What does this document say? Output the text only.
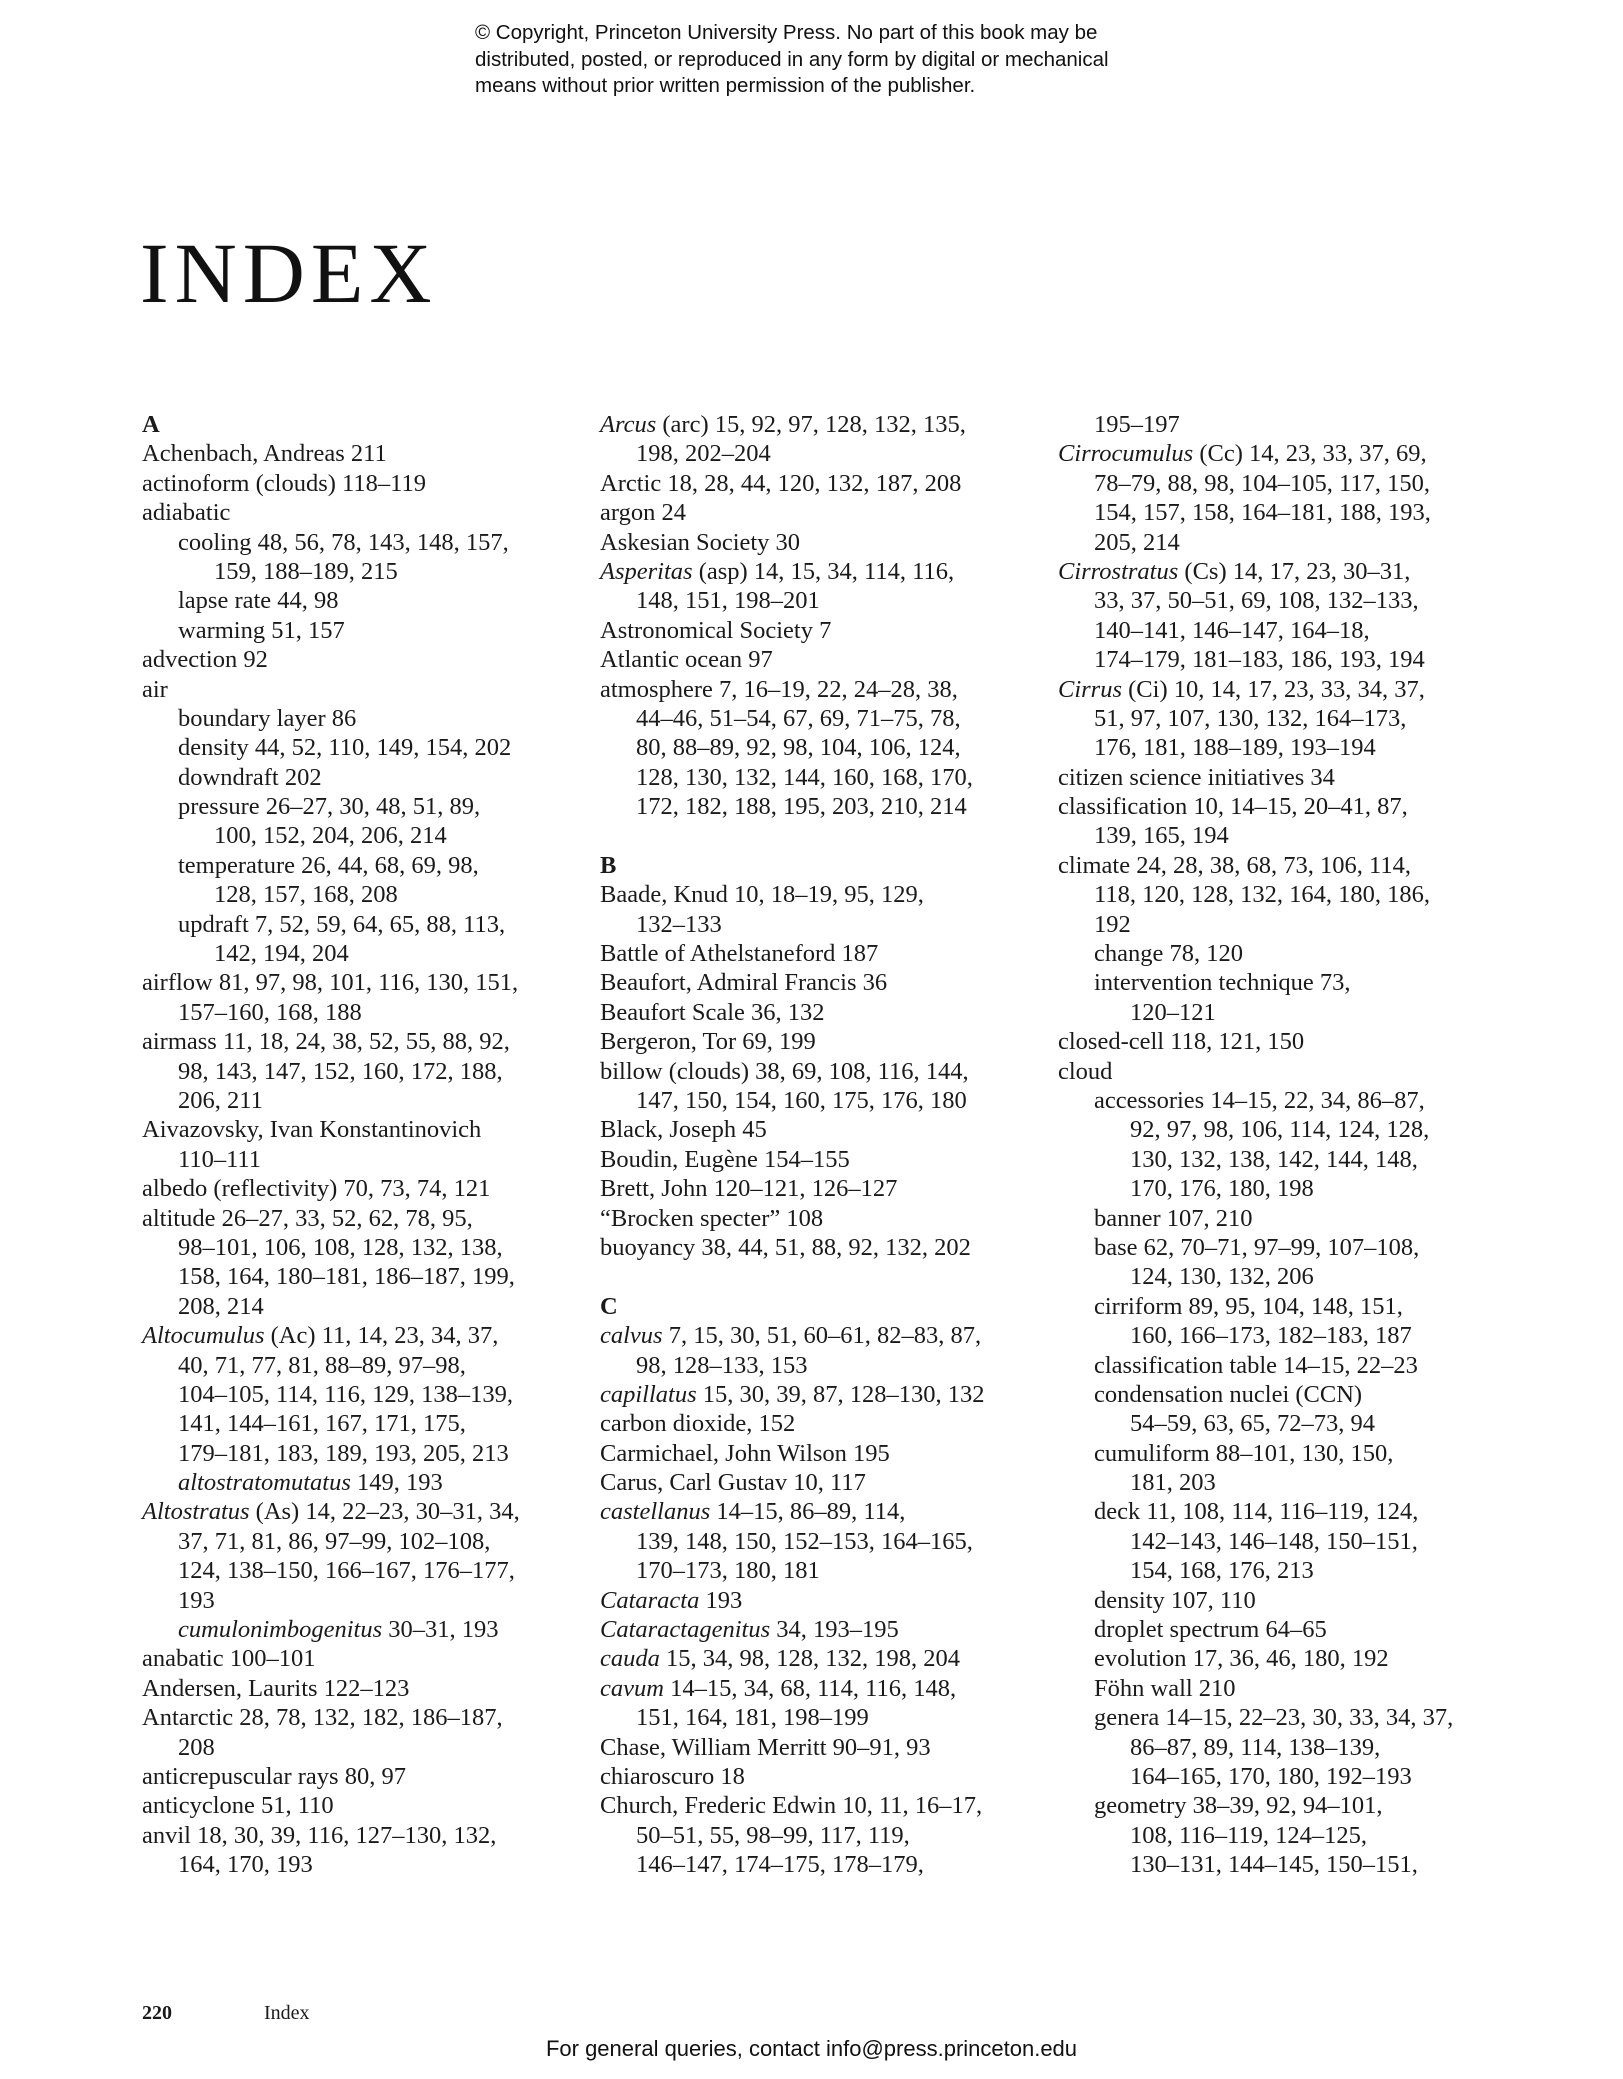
© Copyright, Princeton University Press. No part of this book may be
distributed, posted, or reproduced in any form by digital or mechanical
means without prior written permission of the publisher.
INDEX
A
Achenbach, Andreas 211
actinoform (clouds) 118–119
adiabatic
cooling 48, 56, 78, 143, 148, 157,
159, 188–189, 215
lapse rate 44, 98
warming 51, 157
advection 92
air
boundary layer 86
density 44, 52, 110, 149, 154, 202
downdraft 202
pressure 26–27, 30, 48, 51, 89,
100, 152, 204, 206, 214
temperature 26, 44, 68, 69, 98,
128, 157, 168, 208
updraft 7, 52, 59, 64, 65, 88, 113,
142, 194, 204
airflow 81, 97, 98, 101, 116, 130, 151,
157–160, 168, 188
airmass 11, 18, 24, 38, 52, 55, 88, 92,
98, 143, 147, 152, 160, 172, 188,
206, 211
Aivazovsky, Ivan Konstantinovich
110–111
albedo (reflectivity) 70, 73, 74, 121
altitude 26–27, 33, 52, 62, 78, 95,
98–101, 106, 108, 128, 132, 138,
158, 164, 180–181, 186–187, 199,
208, 214
Altocumulus (Ac) 11, 14, 23, 34, 37,
40, 71, 77, 81, 88–89, 97–98,
104–105, 114, 116, 129, 138–139,
141, 144–161, 167, 171, 175,
179–181, 183, 189, 193, 205, 213
altostratomutatus 149, 193
Altostratus (As) 14, 22–23, 30–31, 34,
37, 71, 81, 86, 97–99, 102–108,
124, 138–150, 166–167, 176–177,
193
cumulonimbogenitus 30–31, 193
anabatic 100–101
Andersen, Laurits 122–123
Antarctic 28, 78, 132, 182, 186–187,
208
anticrepuscular rays 80, 97
anticyclone 51, 110
anvil 18, 30, 39, 116, 127–130, 132,
164, 170, 193
Arcus (arc) 15, 92, 97, 128, 132, 135,
198, 202–204
Arctic 18, 28, 44, 120, 132, 187, 208
argon 24
Askesian Society 30
Asperitas (asp) 14, 15, 34, 114, 116,
148, 151, 198–201
Astronomical Society 7
Atlantic ocean 97
atmosphere 7, 16–19, 22, 24–28, 38,
44–46, 51–54, 67, 69, 71–75, 78,
80, 88–89, 92, 98, 104, 106, 124,
128, 130, 132, 144, 160, 168, 170,
172, 182, 188, 195, 203, 210, 214
B
Baade, Knud 10, 18–19, 95, 129,
132–133
Battle of Athelstaneford 187
Beaufort, Admiral Francis 36
Beaufort Scale 36, 132
Bergeron, Tor 69, 199
billow (clouds) 38, 69, 108, 116, 144,
147, 150, 154, 160, 175, 176, 180
Black, Joseph 45
Boudin, Eugène 154–155
Brett, John 120–121, 126–127
“Brocken specter” 108
buoyancy 38, 44, 51, 88, 92, 132, 202
C
calvus 7, 15, 30, 51, 60–61, 82–83, 87,
98, 128–133, 153
capillatus 15, 30, 39, 87, 128–130, 132
carbon dioxide, 152
Carmichael, John Wilson 195
Carus, Carl Gustav 10, 117
castellanus 14–15, 86–89, 114,
139, 148, 150, 152–153, 164–165,
170–173, 180, 181
Cataracta 193
Cataractagenitus 34, 193–195
cauda 15, 34, 98, 128, 132, 198, 204
cavum 14–15, 34, 68, 114, 116, 148,
151, 164, 181, 198–199
Chase, William Merritt 90–91, 93
chiaroscuro 18
Church, Frederic Edwin 10, 11, 16–17,
50–51, 55, 98–99, 117, 119,
146–147, 174–175, 178–179,
195–197
Cirrocumulus (Cc) 14, 23, 33, 37, 69,
78–79, 88, 98, 104–105, 117, 150,
154, 157, 158, 164–181, 188, 193,
205, 214
Cirrostratus (Cs) 14, 17, 23, 30–31,
33, 37, 50–51, 69, 108, 132–133,
140–141, 146–147, 164–18,
174–179, 181–183, 186, 193, 194
Cirrus (Ci) 10, 14, 17, 23, 33, 34, 37,
51, 97, 107, 130, 132, 164–173,
176, 181, 188–189, 193–194
citizen science initiatives 34
classification 10, 14–15, 20–41, 87,
139, 165, 194
climate 24, 28, 38, 68, 73, 106, 114,
118, 120, 128, 132, 164, 180, 186,
192
change 78, 120
intervention technique 73,
120–121
closed-cell 118, 121, 150
cloud
accessories 14–15, 22, 34, 86–87,
92, 97, 98, 106, 114, 124, 128,
130, 132, 138, 142, 144, 148,
170, 176, 180, 198
banner 107, 210
base 62, 70–71, 97–99, 107–108,
124, 130, 132, 206
cirriform 89, 95, 104, 148, 151,
160, 166–173, 182–183, 187
classification table 14–15, 22–23
condensation nuclei (CCN)
54–59, 63, 65, 72–73, 94
cumuliform 88–101, 130, 150,
181, 203
deck 11, 108, 114, 116–119, 124,
142–143, 146–148, 150–151,
154, 168, 176, 213
density 107, 110
droplet spectrum 64–65
evolution 17, 36, 46, 180, 192
Föhn wall 210
genera 14–15, 22–23, 30, 33, 34, 37,
86–87, 89, 114, 138–139,
164–165, 170, 180, 192–193
geometry 38–39, 92, 94–101,
108, 116–119, 124–125,
130–131, 144–145, 150–151,
220	Index
For general queries, contact info@press.princeton.edu
